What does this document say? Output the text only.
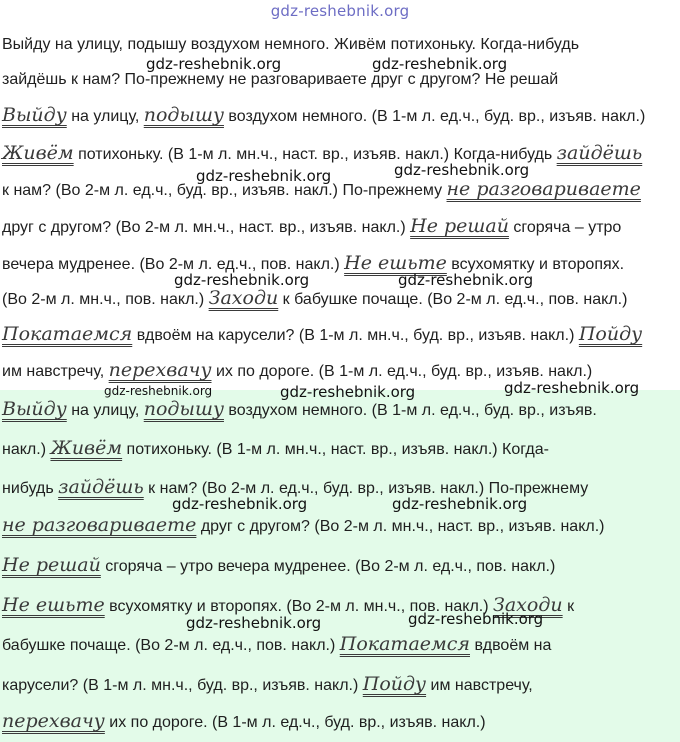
gdz-reshebnik.org
Выйду на улицу, подышу воздухом немного. Живём потихоньку. Когда-нибудь
зайдёшь к нам? По-прежнему не разговариваете друг с другом? Не решай
Выйду на улицу, подышу воздухом немного. (В 1-м л. ед.ч., буд. вр., изъяв. накл.)
Живём потихоньку. (В 1-м л. мн.ч., наст. вр., изъяв. накл.) Когда-нибудь зайдёшь
к нам? (Во 2-м л. ед.ч., буд. вр., изъяв. накл.) По-прежнему не разговариваете
друг с другом? (Во 2-м л. мн.ч., наст. вр., изъяв. накл.) Не решай сгоряча – утро
вечера мудренее. (Во 2-м л. ед.ч., пов. накл.) Не ешьте всухомятку и второпях.
(Во 2-м л. мн.ч., пов. накл.) Заходи к бабушке почаще. (Во 2-м л. ед.ч., пов. накл.)
Покатаемся вдвоём на карусели? (В 1-м л. мн.ч., буд. вр., изъяв. накл.) Пойду
им навстречу, перехвачу их по дороге. (В 1-м л. ед.ч., буд. вр., изъяв. накл.)
Выйду на улицу, подышу воздухом немного. (В 1-м л. ед.ч., буд. вр., изъяв.
накл.) Живём потихоньку. (В 1-м л. мн.ч., наст. вр., изъяв. накл.) Когда-
нибудь зайдёшь к нам? (Во 2-м л. ед.ч., буд. вр., изъяв. накл.) По-прежнему
не разговариваете друг с другом? (Во 2-м л. мн.ч., наст. вр., изъяв. накл.)
Не решай сгоряча – утро вечера мудренее. (Во 2-м л. ед.ч., пов. накл.)
Не ешьте всухомятку и второпях. (Во 2-м л. мн.ч., пов. накл.) Заходи к
бабушке почаще. (Во 2-м л. ед.ч., пов. накл.) Покатаемся вдвоём на
карусели? (В 1-м л. мн.ч., буд. вр., изъяв. накл.) Пойду им навстречу,
перехвачу их по дороге. (В 1-м л. ед.ч., буд. вр., изъяв. накл.)
gdz-reshebnik.org	gdz-reshebnik.org
gdz-reshebnik.org	gdz-reshebnik.org
gdz-reshebnik.org	gdz-reshebnik.org
gdz-reshebnik.org	gdz-reshebnik.org	gdz-reshebnik.org
gdz-reshebnik.org	gdz-reshebnik.org
gdz-reshebnik.org	gdz-reshebnik.org
